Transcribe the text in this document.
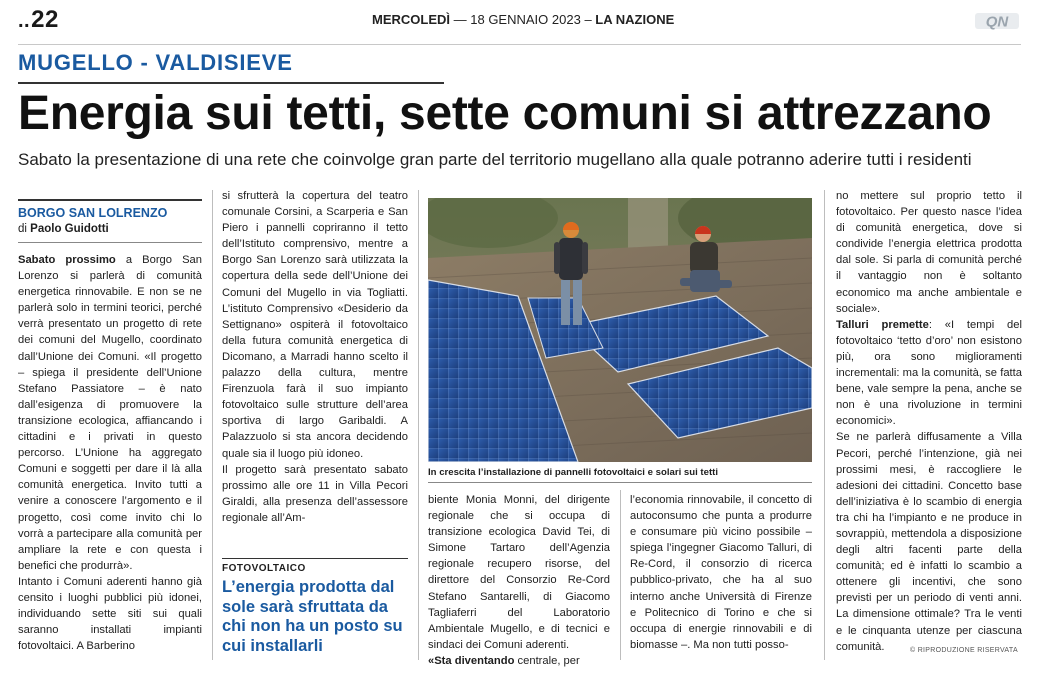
..22	MERCOLEDÌ — 18 GENNAIO 2023 – LA NAZIONE	QN
MUGELLO - VALDISIEVE
Energia sui tetti, sette comuni si attrezzano
Sabato la presentazione di una rete che coinvolge gran parte del territorio mugellano alla quale potranno aderire tutti i residenti
BORGO SAN LOLRENZO
di Paolo Guidotti

Sabato prossimo a Borgo San Lorenzo si parlerà di comunità energetica rinnovabile. E non se ne parlerà solo in termini teorici, perché verrà presentato un progetto di rete dei comuni del Mugello, coordinato dall’Unione dei Comuni. «Il progetto – spiega il presidente dell’Unione Stefano Passiatore – è nato dall’esigenza di promuovere la transizione ecologica, affiancando i cittadini e i privati in questo percorso. L’Unione ha aggregato Comuni e soggetti per dare il là alla comunità energetica. Invito tutti a venire a conoscere l’argomento e il progetto, così come invito chi lo vorrà a partecipare alla comunità per ampliare la rete e con questa i benefici che produrrà».

Intanto i Comuni aderenti hanno già censito i luoghi pubblici più idonei, individuando sette siti sui quali saranno installati impianti fotovoltaici. A Barberino

si sfrutterà la copertura del teatro comunale Corsini, a Scarperia e San Piero i pannelli copriranno il tetto dell’Istituto comprensivo, mentre a Borgo San Lorenzo sarà utilizzata la copertura della sede dell’Unione dei Comuni del Mugello in via Togliatti. L’istituto Comprensivo «Desiderio da Settignano» ospiterà il fotovoltaico della futura comunità energetica di Dicomano, a Marradi hanno scelto il palazzo della cultura, mentre Firenzuola farà il suo impianto fotovoltaico sulle strutture dell’area sportiva di largo Garibaldi. A Palazzuolo si sta ancora decidendo quale sia il luogo più idoneo.

Il progetto sarà presentato sabato prossimo alle ore 11 in Villa Pecori Giraldi, alla presenza dell’assessore regionale all’Am-

FOTOVOLTAICO
L’energia prodotta dal sole sarà sfruttata da chi non ha un posto su cui installarli
In crescita l’installazione di pannelli fotovoltaici e solari sui tetti

biente Monia Monni, del dirigente regionale che si occupa di transizione ecologica David Tei, di Simone Tartaro dell’Agenzia regionale recupero risorse, del direttore del Consorzio Re-Cord Stefano Santarelli, di Giacomo Tagliaferri del Laboratorio Ambientale Mugello, e di tecnici e sindaci dei Comuni aderenti.

«Sta diventando centrale, per

l’economia rinnovabile, il concetto di autoconsumo che punta a produrre e consumare più vicino possibile – spiega l’ingegner Giacomo Talluri, di Re-Cord, il consorzio di ricerca pubblico-privato, che ha al suo interno anche Università di Firenze e Politecnico di Torino e che si occupa di energie rinnovabili e di biomasse –. Ma non tutti posso-

no mettere sul proprio tetto il fotovoltaico. Per questo nasce l’idea di comunità energetica, dove si condivide l’energia elettrica prodotta dal sole. Si parla di comunità perché il vantaggio non è soltanto economico ma anche ambientale e sociale».

Talluri premette: «I tempi del fotovoltaico ‘tetto d’oro’ non esistono più, ora sono miglioramenti incrementali: ma la comunità, se fatta bene, vale sempre la pena, anche se non è una rivoluzione in termini economici».

Se ne parlerà diffusamente a Villa Pecori, perché l’intenzione, già nei prossimi mesi, è raccogliere le adesioni dei cittadini. Concetto base dell’iniziativa è lo scambio di energia tra chi ha l’impianto e ne produce in sovrappiù, mettendola a disposizione degli altri facenti parte della comunità; ed è infatti lo scambio a ottenere gli incentivi, che sono previsti per un periodo di venti anni. La dimensione ottimale? Tra le venti e le cinquanta utenze per ciascuna comunità.	© RIPRODUZIONE RISERVATA
